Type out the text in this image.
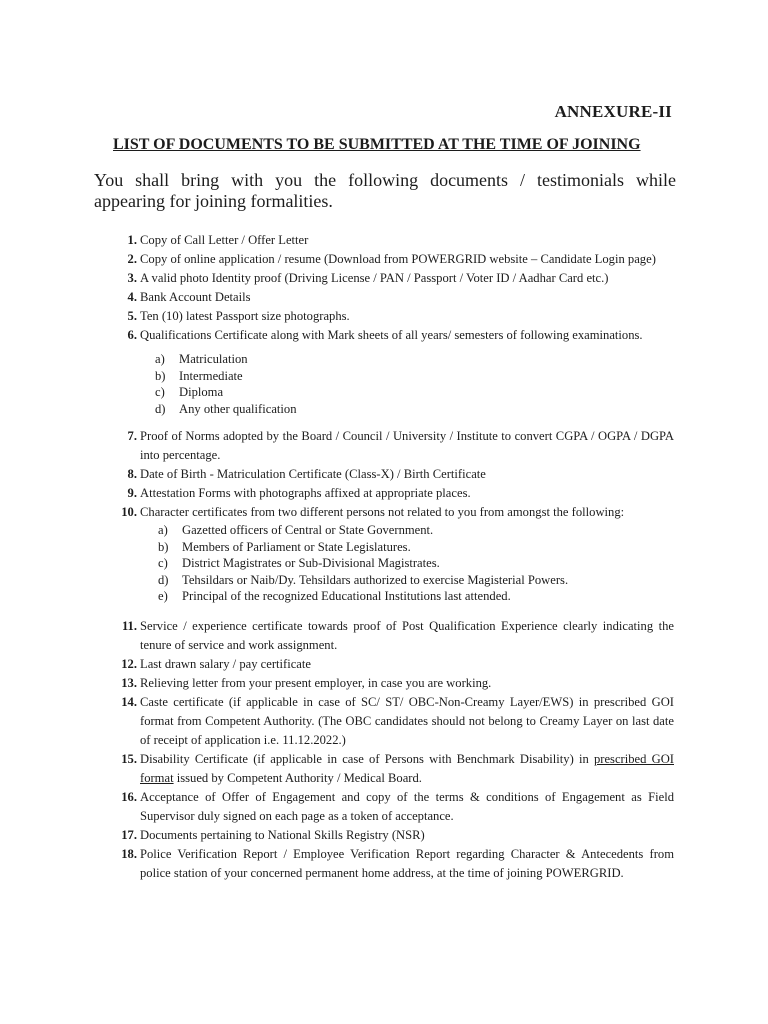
ANNEXURE-II
LIST OF DOCUMENTS TO BE SUBMITTED AT THE TIME OF JOINING
You shall bring with you the following documents / testimonials while appearing for joining formalities.
1. Copy of Call Letter / Offer Letter
2. Copy of online application / resume (Download from POWERGRID website – Candidate Login page)
3. A valid photo Identity proof (Driving License / PAN / Passport / Voter ID / Aadhar Card etc.)
4. Bank Account Details
5. Ten (10) latest Passport size photographs.
6. Qualifications Certificate along with Mark sheets of all years/ semesters of following examinations.
a)	Matriculation
b)	Intermediate
c)	Diploma
d)	Any other qualification
7. Proof of Norms adopted by the Board / Council / University / Institute to convert CGPA / OGPA / DGPA into percentage.
8. Date of Birth - Matriculation Certificate (Class-X) / Birth Certificate
9. Attestation Forms with photographs affixed at appropriate places.
10. Character certificates from two different persons not related to you from amongst the following:
a)	Gazetted officers of Central or State Government.
b)	Members of Parliament or State Legislatures.
c)	District Magistrates or Sub-Divisional Magistrates.
d)	Tehsildars or Naib/Dy. Tehsildars authorized to exercise Magisterial Powers.
e)	Principal of the recognized Educational Institutions last attended.
11. Service / experience certificate towards proof of Post Qualification Experience clearly indicating the tenure of service and work assignment.
12. Last drawn salary / pay certificate
13. Relieving letter from your present employer, in case you are working.
14. Caste certificate (if applicable in case of SC/ ST/ OBC-Non-Creamy Layer/EWS) in prescribed GOI format from Competent Authority. (The OBC candidates should not belong to Creamy Layer on last date of receipt of application i.e. 11.12.2022.)
15. Disability Certificate (if applicable in case of Persons with Benchmark Disability) in prescribed GOI format issued by Competent Authority / Medical Board.
16. Acceptance of Offer of Engagement and copy of the terms & conditions of Engagement as Field Supervisor duly signed on each page as a token of acceptance.
17. Documents pertaining to National Skills Registry (NSR)
18. Police Verification Report / Employee Verification Report regarding Character & Antecedents from police station of your concerned permanent home address, at the time of joining POWERGRID.
